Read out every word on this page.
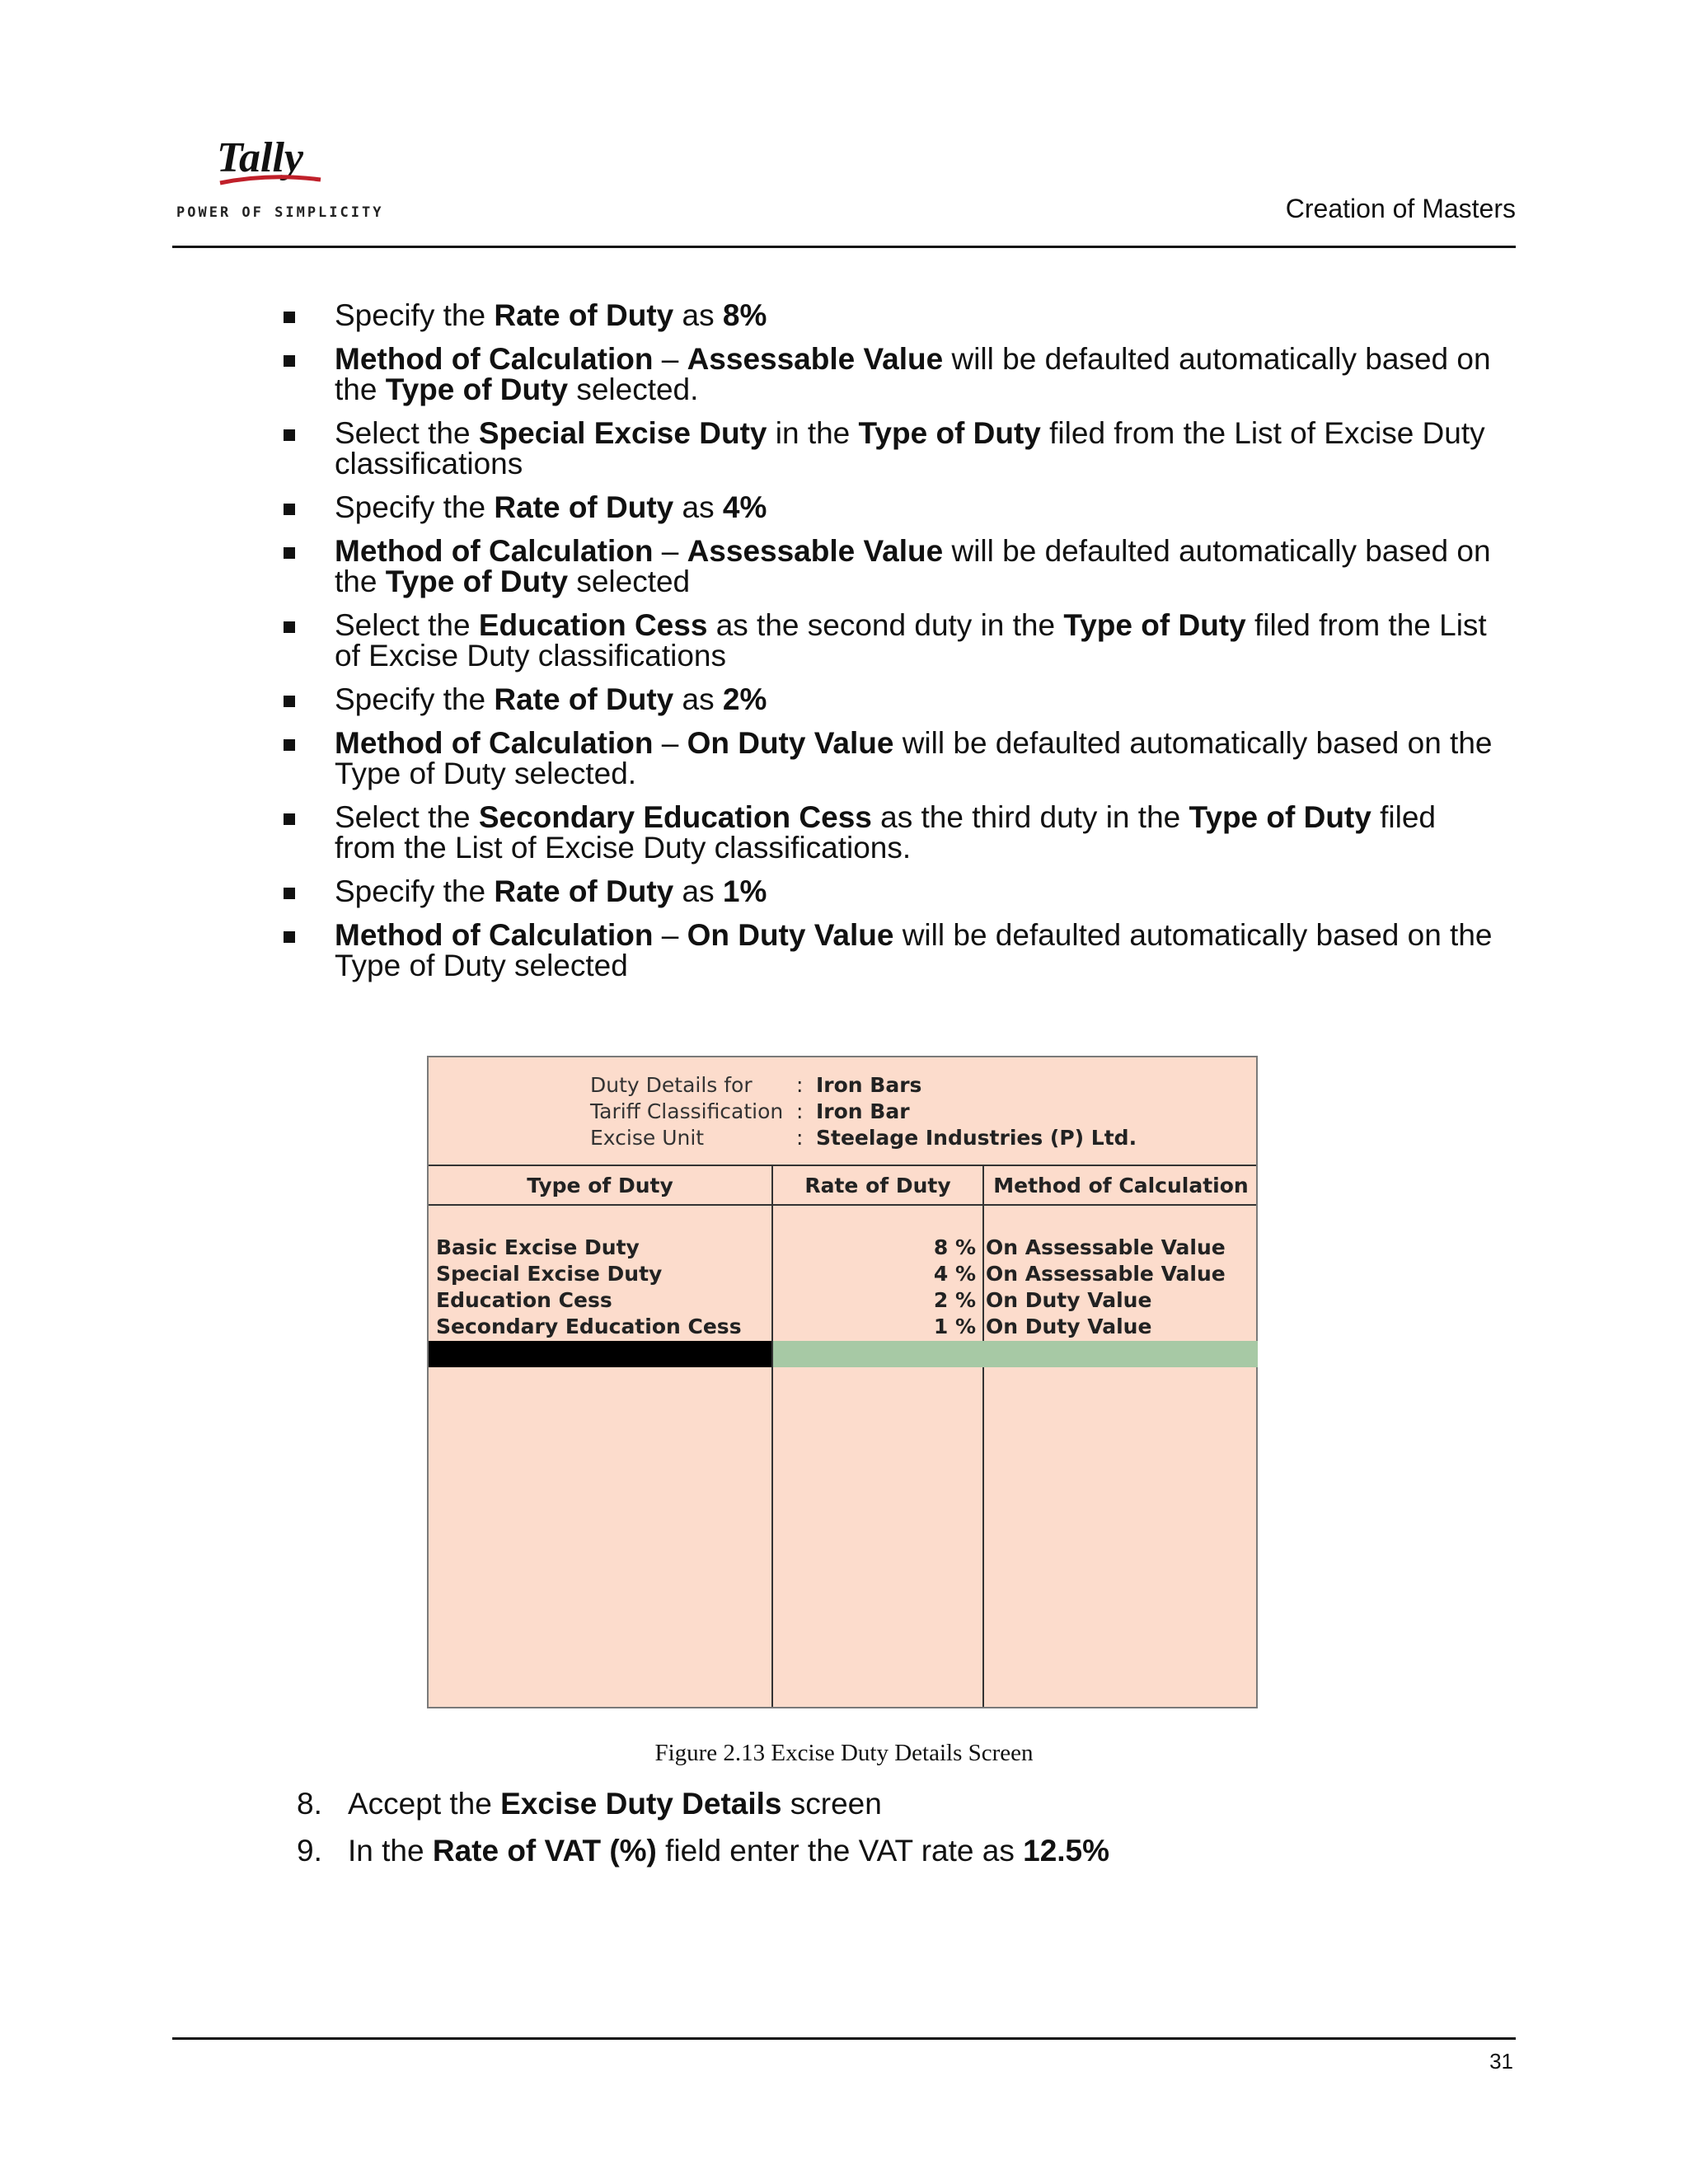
Tally
POWER OF SIMPLICITY	Creation of Masters
Specify the Rate of Duty as 8%
Method of Calculation – Assessable Value will be defaulted automatically based on the Type of Duty selected.
Select the Special Excise Duty in the Type of Duty filed from the List of Excise Duty classifications
Specify the Rate of Duty as 4%
Method of Calculation – Assessable Value will be defaulted automatically based on the Type of Duty selected
Select the Education Cess as the second duty in the Type of Duty filed from the List of Excise Duty classifications
Specify the Rate of Duty as 2%
Method of Calculation – On Duty Value will be defaulted automatically based on the Type of Duty selected.
Select the Secondary Education Cess as the third duty in the Type of Duty filed from the List of Excise Duty classifications.
Specify the Rate of Duty as 1%
Method of Calculation – On Duty Value will be defaulted automatically based on the Type of Duty selected
Duty Details for	: Iron Bars
Tariff Classification : Iron Bar
Excise Unit	: Steelage Industries (P) Ltd.
Type of Duty	Rate of Duty	Method of Calculation
Basic Excise Duty	8 % On Assessable Value
Special Excise Duty	4 % On Assessable Value
Education Cess	2 % On Duty Value
Secondary Education Cess	1 % On Duty Value
Figure 2.13 Excise Duty Details Screen
8. Accept the Excise Duty Details screen
9. In the Rate of VAT (%) field enter the VAT rate as 12.5%
31
